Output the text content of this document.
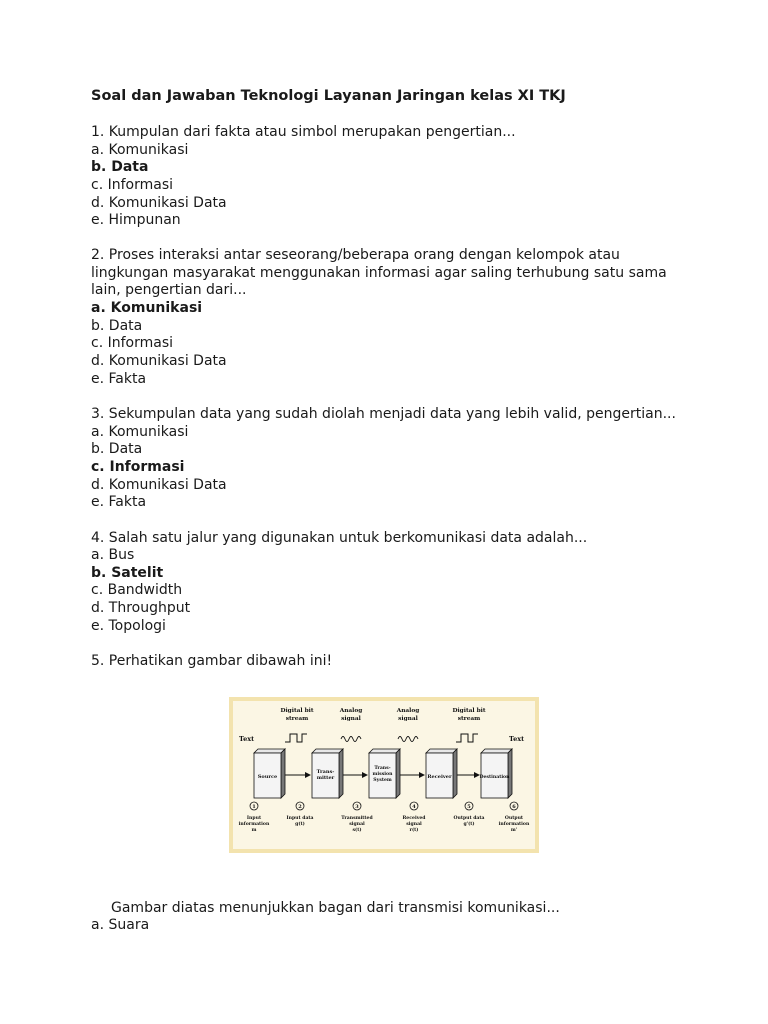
Soal dan Jawaban Teknologi Layanan Jaringan kelas XI TKJ
1. Kumpulan dari fakta atau simbol merupakan pengertian...
a. Komunikasi
b. Data
c. Informasi
d. Komunikasi Data
e. Himpunan
2. Proses interaksi antar seseorang/beberapa orang dengan kelompok atau
lingkungan masyarakat menggunakan informasi agar saling terhubung satu sama
lain, pengertian dari...
a. Komunikasi
b. Data
c. Informasi
d. Komunikasi Data
e. Fakta
3. Sekumpulan data yang sudah diolah menjadi data yang lebih valid, pengertian...
a. Komunikasi
b. Data
c. Informasi
d. Komunikasi Data
e. Fakta
4. Salah satu jalur yang digunakan untuk berkomunikasi data adalah...
a. Bus
b. Satelit
c. Bandwidth
d. Throughput
e. Topologi
5. Perhatikan gambar dibawah ini!
Text	Text
Digital bit stream
Analog signal
Analog signal
Digital bit stream
Source
Trans-mitter
Trans-mission System
Receiver	Destination
1	2	3	4	5	6
Input information m
Input data g(t)
Transmitted signal s(t)
Received signal r(t)
Output data g'(t)
Output information m'
Gambar diatas menunjukkan bagan dari transmisi komunikasi...
a. Suara
